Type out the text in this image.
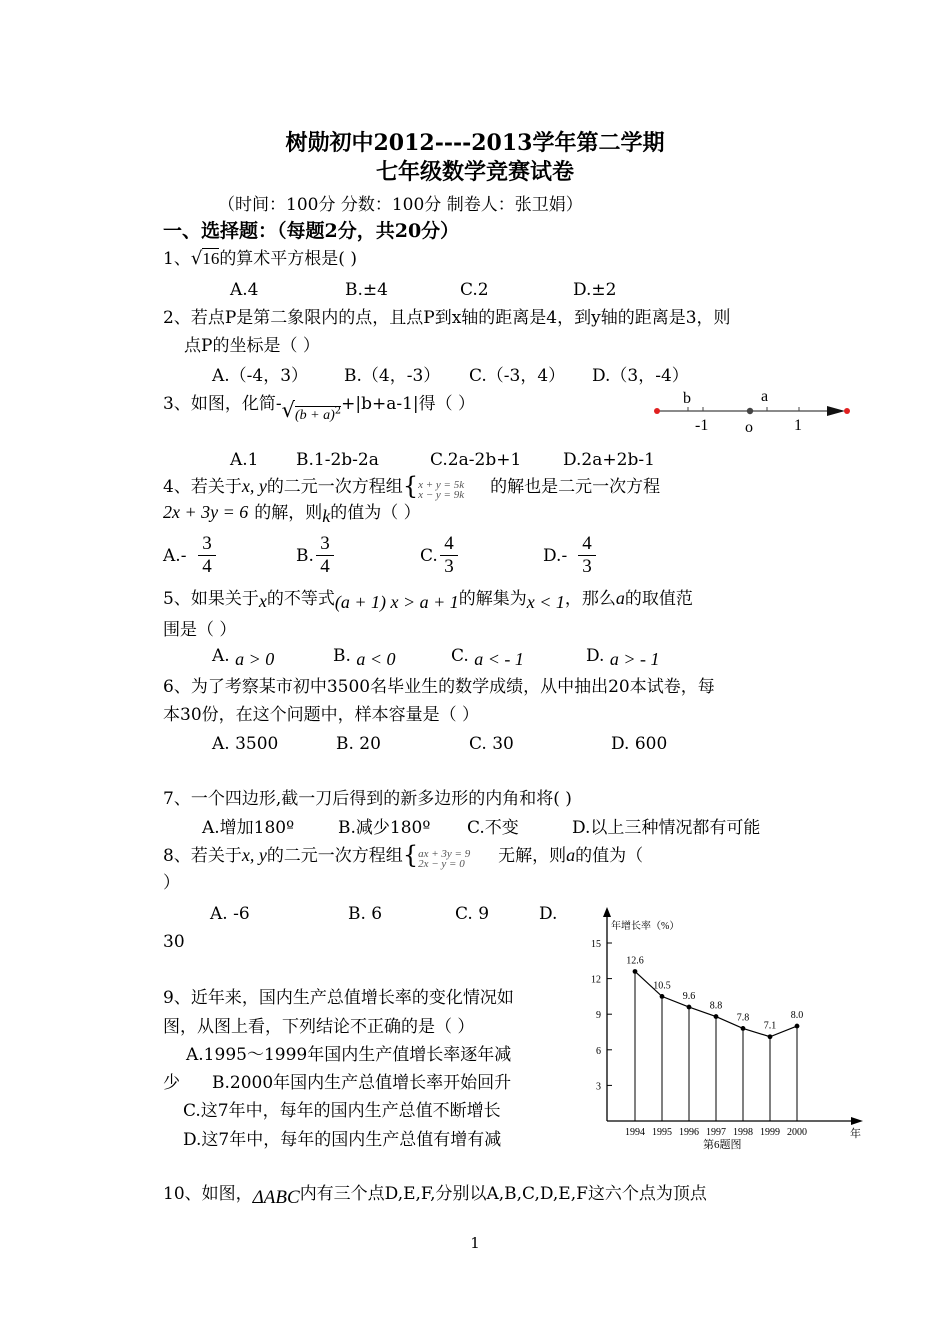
树勋初中2012----2013学年第二学期
七年级数学竞赛试卷
（时间：100分 分数：100分 制卷人：张卫娟）
一、选择题：（每题2分，共20分）
1、√16的算术平方根是( )
A.4	B.±4	C.2	D.±2
2、若点P是第二象限内的点，且点P到x轴的距离是4，到y轴的距离是3，则
点P的坐标是（ ）
A.（-4，3） B.（4，-3） C.（-3，4） D.（3，-4）
3、如图，化简$-√_{(b + a)^2}+|b+a-1|$得（ ）	b	a
-1 o	1
A.1 B.1-2b-2a	C.2a-2b+1 D.2a+2b-1
4、若关于x, y的二元一次方程组{ x + y = 5k
x − y = 9k	的解也是二元一次方程
2x + 3y = 6 的解，则k的值为（ ）
$A.- \frac{3}{4}$	B. $\frac{3}{4}$	C. $\frac{4}{3}$	$D.- \frac{4}{3}$
5、如果关于x的不等式(a + 1) x > a + 1的解集为x < 1，那么a的取值范
围是（ ）
A. a > 0	B. a < 0	C. a < - 1	D. a > - 1
6、为了考察某市初中3500名毕业生的数学成绩，从中抽出20本试卷，每
本30份，在这个问题中，样本容量是（ ）
A. 3500	B. 20	C. 30	D. 600
7、一个四边形,截一刀后得到的新多边形的内角和将( )
A.增加180º	B.减少180º C.不变	D.以上三种情况都有可能
8、若关于x, y的二元一次方程组{ ax + 3y = 9
2x − y = 0	无解，则a的值为（
）
A. -6	B. 6	C. 9	D.
30
9、近年来，国内生产总值增长率的变化情况如
图，从图上看，下列结论不正确的是（ ）
A.1995～1999年国内生产值增长率逐年减
少 B.2000年国内生产总值增长率开始回升
C.这7年中，每年的国内生产总值不断增长
D.这7年中，每年的国内生产总值有增有减
年增长率（%）
年
第6题图
3
6
9
12
15
12.6
1994
10.5
1995
9.6
1996
8.8
1997
7.8
1998
7.1
1999
8.0
2000
10、如图，ΔABC内有三个点D,E,F,分别以A,B,C,D,E,F这六个点为顶点
1
